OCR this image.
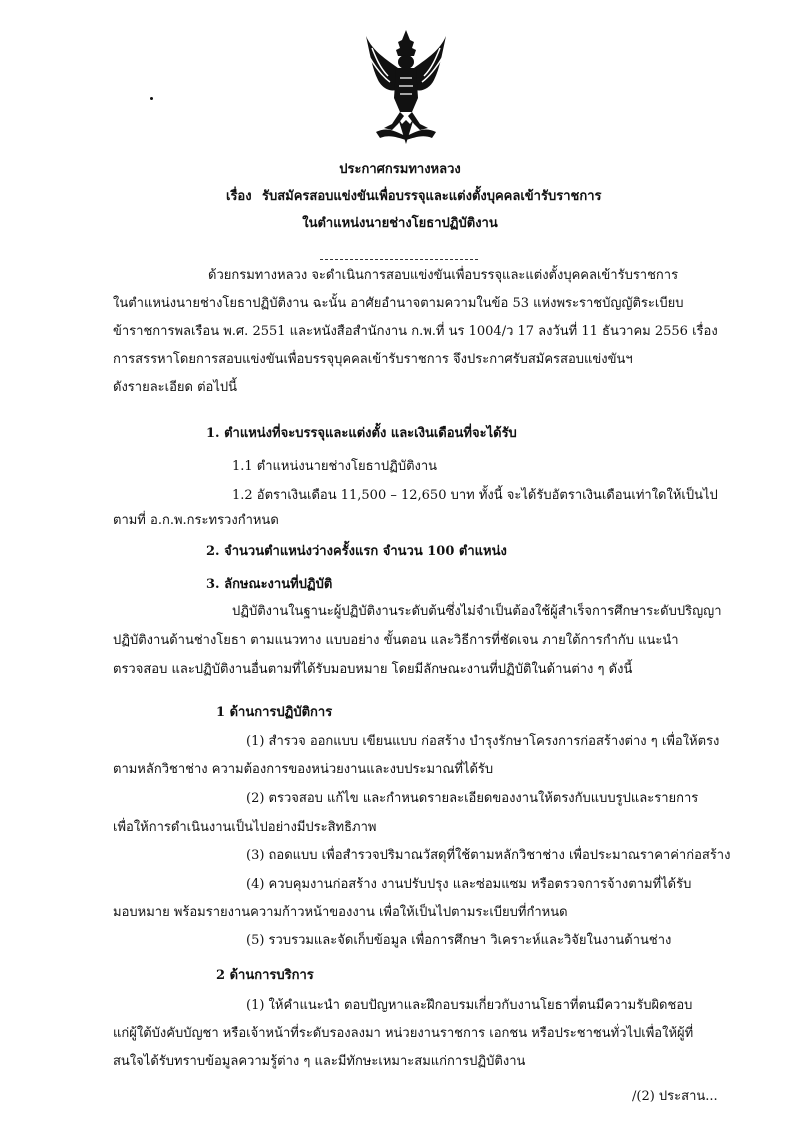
ประกาศกรมทางหลวง
เรื่อง รับสมัครสอบแข่งขันเพื่อบรรจุและแต่งตั้งบุคคลเข้ารับราชการ
ในตำแหน่งนายช่างโยธาปฏิบัติงาน
ด้วยกรมทางหลวง จะดำเนินการสอบแข่งขันเพื่อบรรจุและแต่งตั้งบุคคลเข้ารับราชการ
ในตำแหน่งนายช่างโยธาปฏิบัติงาน ฉะนั้น อาศัยอำนาจตามความในข้อ 53 แห่งพระราชบัญญัติระเบียบ
ข้าราชการพลเรือน พ.ศ. 2551 และหนังสือสำนักงาน ก.พ.ที่ นร 1004/ว 17 ลงวันที่ 11 ธันวาคม 2556 เรื่อง
การสรรหาโดยการสอบแข่งขันเพื่อบรรจุบุคคลเข้ารับราชการ จึงประกาศรับสมัครสอบแข่งขันฯ
ดังรายละเอียด ต่อไปนี้
1. ตำแหน่งที่จะบรรจุและแต่งตั้ง และเงินเดือนที่จะได้รับ
1.1 ตำแหน่งนายช่างโยธาปฏิบัติงาน
1.2 อัตราเงินเดือน 11,500 – 12,650 บาท ทั้งนี้ จะได้รับอัตราเงินเดือนเท่าใดให้เป็นไป
ตามที่ อ.ก.พ.กระทรวงกำหนด
2. จำนวนตำแหน่งว่างครั้งแรก จำนวน 100 ตำแหน่ง
3. ลักษณะงานที่ปฏิบัติ
ปฏิบัติงานในฐานะผู้ปฏิบัติงานระดับต้นซึ่งไม่จำเป็นต้องใช้ผู้สำเร็จการศึกษาระดับปริญญา
ปฏิบัติงานด้านช่างโยธา ตามแนวทาง แบบอย่าง ขั้นตอน และวิธีการที่ชัดเจน ภายใต้การกำกับ แนะนำ
ตรวจสอบ และปฏิบัติงานอื่นตามที่ได้รับมอบหมาย โดยมีลักษณะงานที่ปฏิบัติในด้านต่าง ๆ ดังนี้
1 ด้านการปฏิบัติการ
(1) สำรวจ ออกแบบ เขียนแบบ ก่อสร้าง บำรุงรักษาโครงการก่อสร้างต่าง ๆ เพื่อให้ตรง
ตามหลักวิชาช่าง ความต้องการของหน่วยงานและงบประมาณที่ได้รับ
(2) ตรวจสอบ แก้ไข และกำหนดรายละเอียดของงานให้ตรงกับแบบรูปและรายการ
เพื่อให้การดำเนินงานเป็นไปอย่างมีประสิทธิภาพ
(3) ถอดแบบ เพื่อสำรวจปริมาณวัสดุที่ใช้ตามหลักวิชาช่าง เพื่อประมาณราคาค่าก่อสร้าง
(4) ควบคุมงานก่อสร้าง งานปรับปรุง และซ่อมแซม หรือตรวจการจ้างตามที่ได้รับ
มอบหมาย พร้อมรายงานความก้าวหน้าของงาน เพื่อให้เป็นไปตามระเบียบที่กำหนด
(5) รวบรวมและจัดเก็บข้อมูล เพื่อการศึกษา วิเคราะห์และวิจัยในงานด้านช่าง
2 ด้านการบริการ
(1) ให้คำแนะนำ ตอบปัญหาและฝึกอบรมเกี่ยวกับงานโยธาที่ตนมีความรับผิดชอบ
แก่ผู้ใต้บังคับบัญชา หรือเจ้าหน้าที่ระดับรองลงมา หน่วยงานราชการ เอกชน หรือประชาชนทั่วไปเพื่อให้ผู้ที่
สนใจได้รับทราบข้อมูลความรู้ต่าง ๆ และมีทักษะเหมาะสมแก่การปฏิบัติงาน
/(2) ประสาน...
